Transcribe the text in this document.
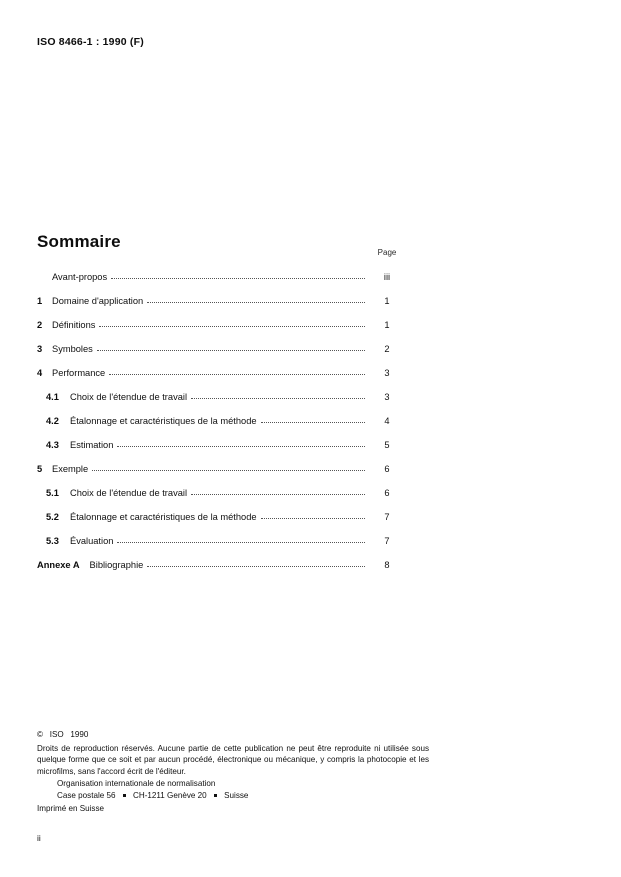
ISO 8466-1 : 1990 (F)
Sommaire
Page
Avant-propos	iii
1	Domaine d'application	1
2	Définitions	1
3	Symboles	2
4	Performance	3
4.1	Choix de l'étendue de travail	3
4.2	Étalonnage et caractéristiques de la méthode	4
4.3	Estimation	5
5	Exemple	6
5.1	Choix de l'étendue de travail	6
5.2	Étalonnage et caractéristiques de la méthode	7
5.3	Évaluation	7
Annexe A Bibliographie	8
©   ISO   1990
Droits de reproduction réservés. Aucune partie de cette publication ne peut être reproduite ni utilisée sous quelque forme que ce soit et par aucun procédé, électronique ou mécanique, y compris la photocopie et les microfilms, sans l'accord écrit de l'éditeur.
Organisation internationale de normalisation
Case postale 56 CH-1211 Genève 20 Suisse
Imprimé en Suisse
ii
